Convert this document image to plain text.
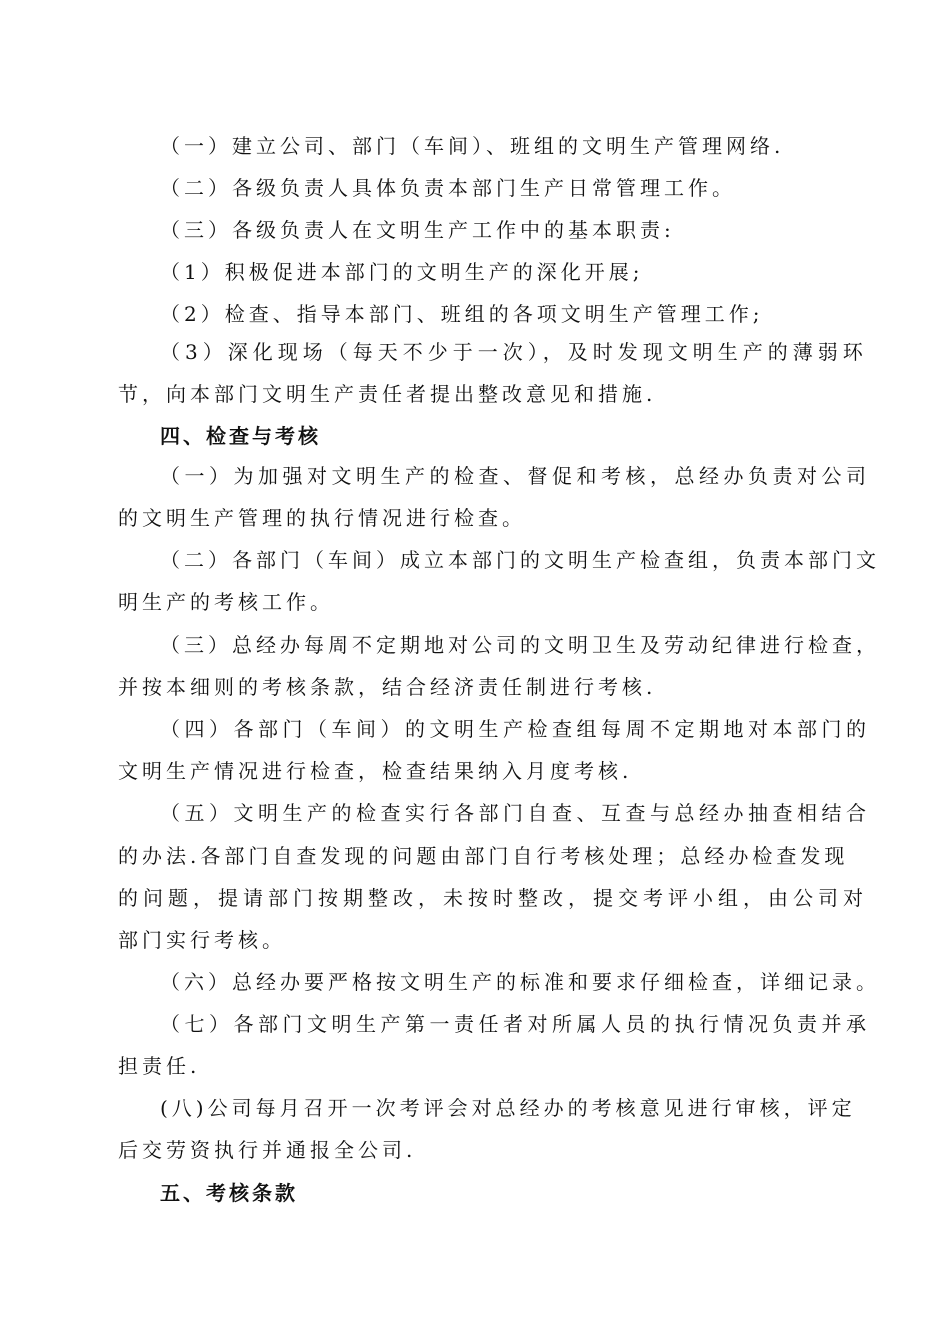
（一）建立公司、部门（车间）、班组的文明生产管理网络.
（二）各级负责人具体负责本部门生产日常管理工作。
（三）各级负责人在文明生产工作中的基本职责:
（1）积极促进本部门的文明生产的深化开展;
（2）检查、指导本部门、班组的各项文明生产管理工作;
（3）深化现场（每天不少于一次），及时发现文明生产的薄弱环
节，向本部门文明生产责任者提出整改意见和措施.
四、检查与考核
（一）为加强对文明生产的检查、督促和考核，总经办负责对公司
的文明生产管理的执行情况进行检查。
（二）各部门（车间）成立本部门的文明生产检查组，负责本部门文
明生产的考核工作。
（三）总经办每周不定期地对公司的文明卫生及劳动纪律进行检查，
并按本细则的考核条款，结合经济责任制进行考核.
（四）各部门（车间）的文明生产检查组每周不定期地对本部门的
文明生产情况进行检查，检查结果纳入月度考核.
（五）文明生产的检查实行各部门自查、互查与总经办抽查相结合
的办法.各部门自查发现的问题由部门自行考核处理；总经办检查发现
的问题，提请部门按期整改，未按时整改，提交考评小组，由公司对
部门实行考核。
（六）总经办要严格按文明生产的标准和要求仔细检查，详细记录。
（七）各部门文明生产第一责任者对所属人员的执行情况负责并承
担责任.
(八)公司每月召开一次考评会对总经办的考核意见进行审核，评定
后交劳资执行并通报全公司.
五、考核条款
